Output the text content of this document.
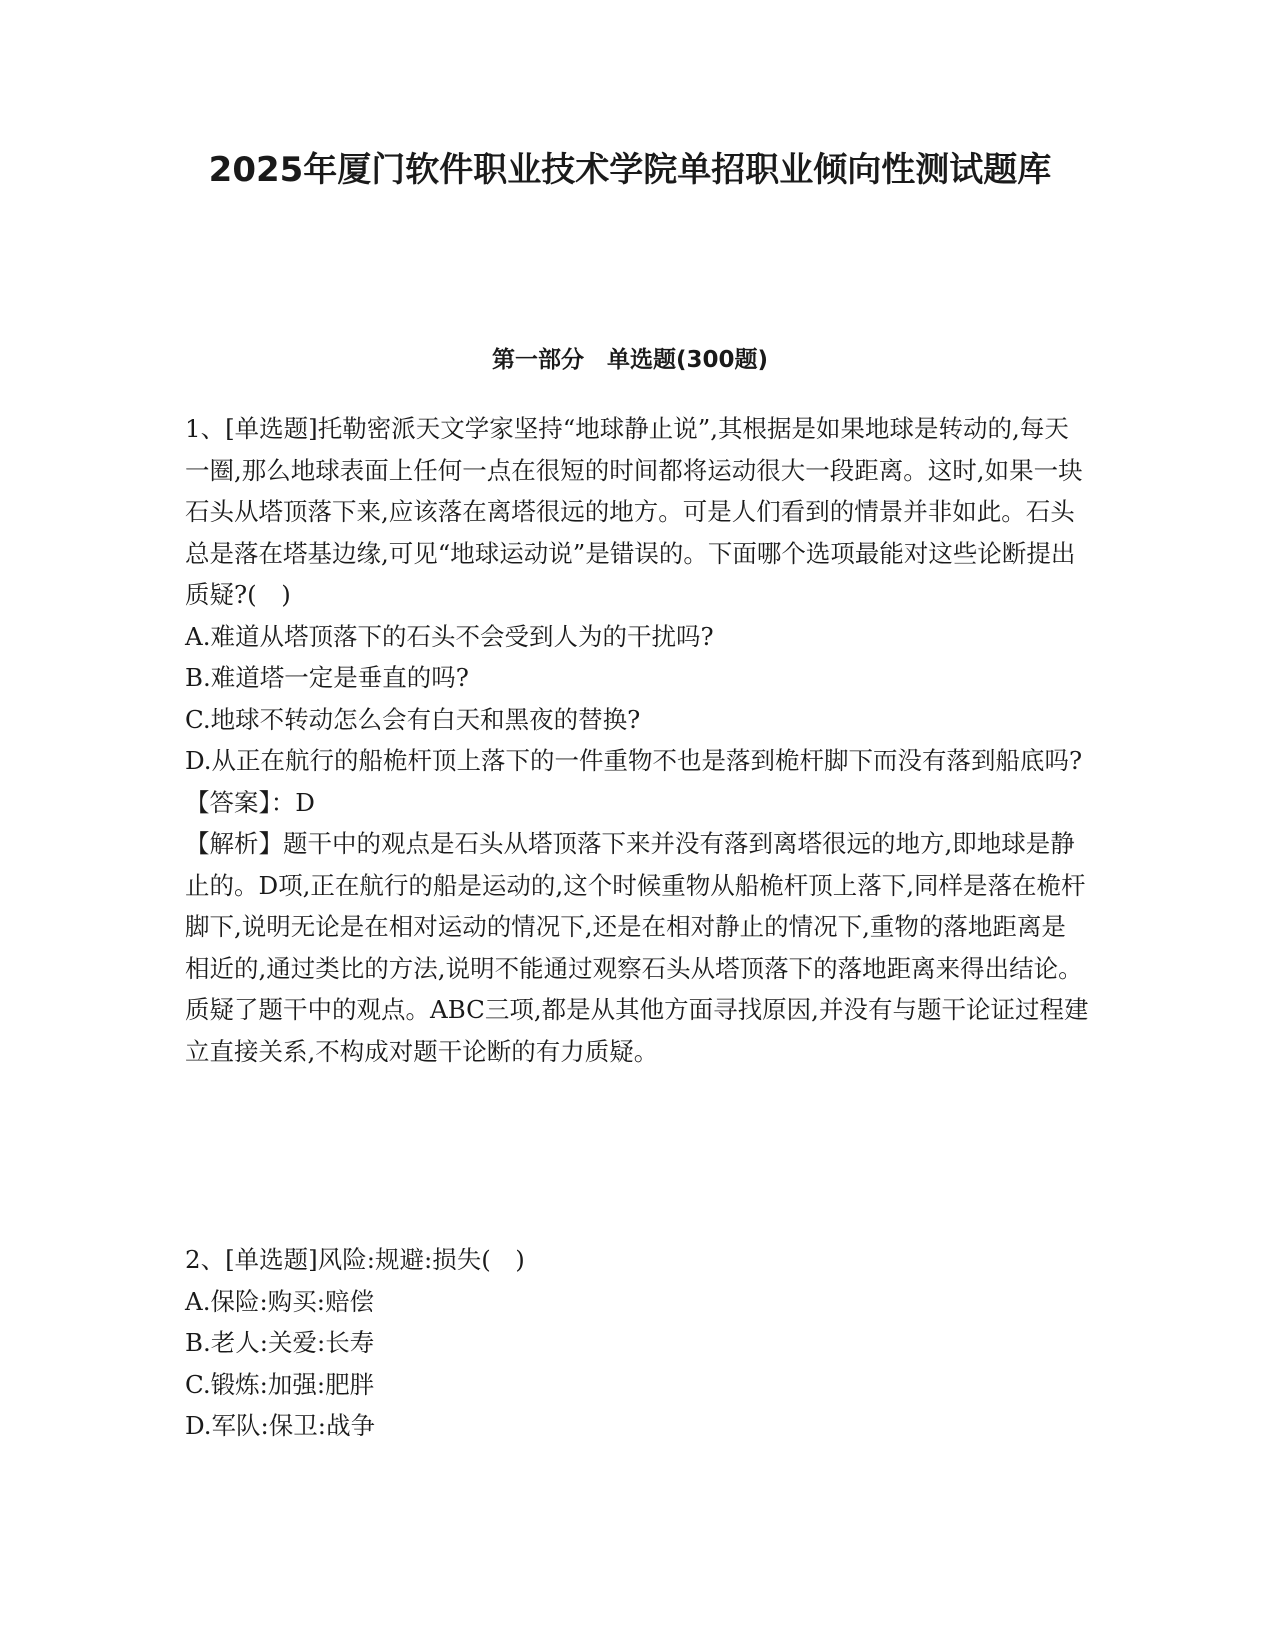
2025年厦门软件职业技术学院单招职业倾向性测试题库
第一部分　单选题(300题)

1、[单选题]托勒密派天文学家坚持“地球静止说”,其根据是如果地球是转动的,每天一圈,那么地球表面上任何一点在很短的时间都将运动很大一段距离。这时,如果一块石头从塔顶落下来,应该落在离塔很远的地方。可是人们看到的情景并非如此。石头总是落在塔基边缘,可见“地球运动说”是错误的。下面哪个选项最能对这些论断提出质疑?(　)

A.难道从塔顶落下的石头不会受到人为的干扰吗?

B.难道塔一定是垂直的吗?

C.地球不转动怎么会有白天和黑夜的替换?

D.从正在航行的船桅杆顶上落下的一件重物不也是落到桅杆脚下而没有落到船底吗?

【答案】：D

【解析】题干中的观点是石头从塔顶落下来并没有落到离塔很远的地方,即地球是静止的。D项,正在航行的船是运动的,这个时候重物从船桅杆顶上落下,同样是落在桅杆脚下,说明无论是在相对运动的情况下,还是在相对静止的情况下,重物的落地距离是相近的,通过类比的方法,说明不能通过观察石头从塔顶落下的落地距离来得出结论。质疑了题干中的观点。ABC三项,都是从其他方面寻找原因,并没有与题干论证过程建立直接关系,不构成对题干论断的有力质疑。

2、[单选题]风险:规避:损失(　)

A.保险:购买:赔偿

B.老人:关爱:长寿

C.锻炼:加强:肥胖

D.军队:保卫:战争
